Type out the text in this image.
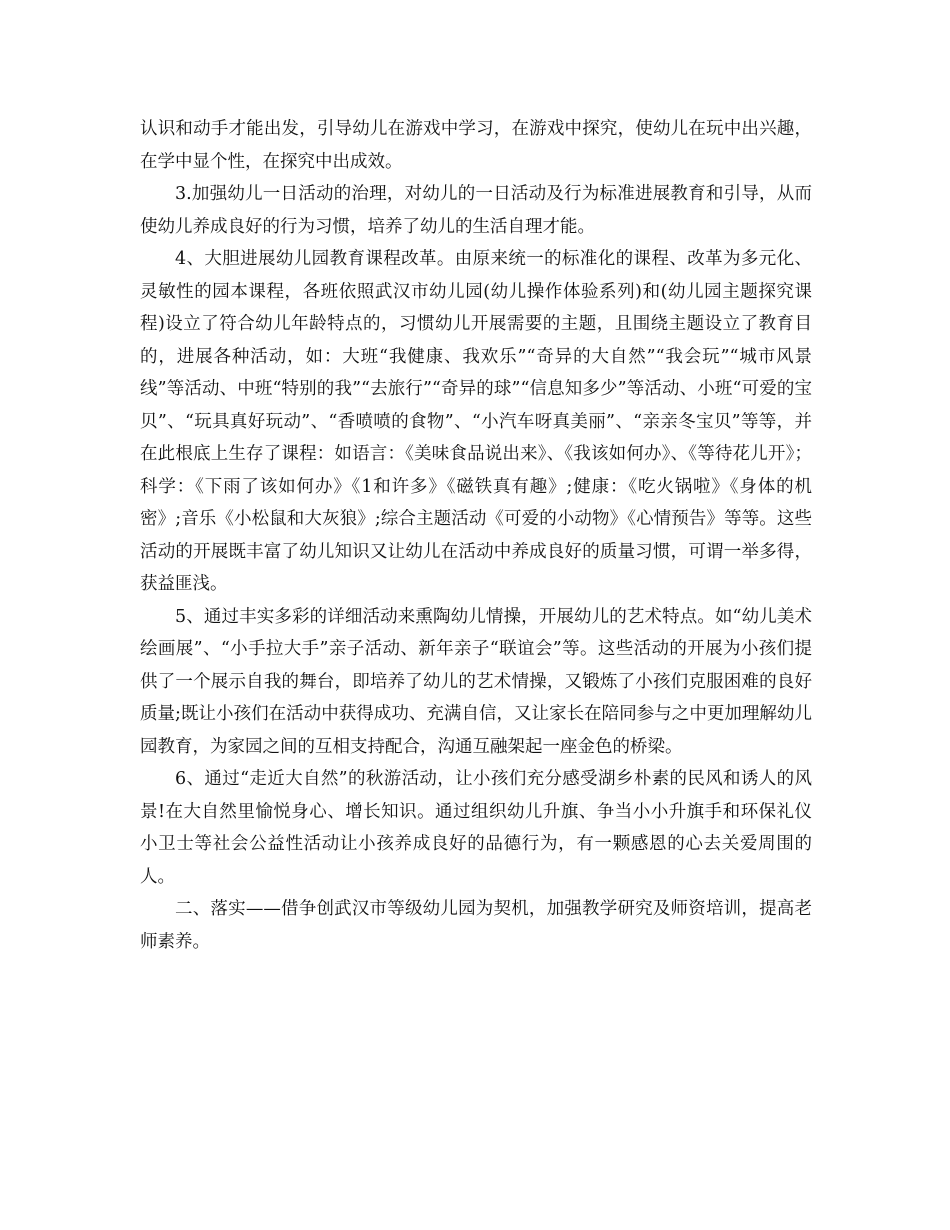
认识和动手才能出发，引导幼儿在游戏中学习，在游戏中探究，使幼儿在玩中出兴趣，在学中显个性，在探究中出成效。

3.加强幼儿一日活动的治理，对幼儿的一日活动及行为标准进展教育和引导，从而使幼儿养成良好的行为习惯，培养了幼儿的生活自理才能。

4、大胆进展幼儿园教育课程改革。由原来统一的标准化的课程、改革为多元化、灵敏性的园本课程，各班依照武汉市幼儿园(幼儿操作体验系列)和(幼儿园主题探究课程)设立了符合幼儿年龄特点的，习惯幼儿开展需要的主题，且围绕主题设立了教育目的，进展各种活动，如：大班“我健康、我欢乐”“奇异的大自然”“我会玩”“城市风景线”等活动、中班“特别的我”“去旅行”“奇异的球”“信息知多少”等活动、小班“可爱的宝贝”、“玩具真好玩动”、“香喷喷的食物”、“小汽车呀真美丽”、“亲亲冬宝贝”等等，并在此根底上生存了课程：如语言：《美味食品说出来》、《我该如何办》、《等待花儿开》；科学：《下雨了该如何办》《1和许多》《磁铁真有趣》;健康：《吃火锅啦》《身体的机密》;音乐《小松鼠和大灰狼》;综合主题活动《可爱的小动物》《心情预告》等等。这些活动的开展既丰富了幼儿知识又让幼儿在活动中养成良好的质量习惯，可谓一举多得，获益匪浅。

5、通过丰实多彩的详细活动来熏陶幼儿情操，开展幼儿的艺术特点。如“幼儿美术绘画展”、“小手拉大手”亲子活动、新年亲子“联谊会”等。这些活动的开展为小孩们提供了一个展示自我的舞台，即培养了幼儿的艺术情操，又锻炼了小孩们克服困难的良好质量;既让小孩们在活动中获得成功、充满自信，又让家长在陪同参与之中更加理解幼儿园教育，为家园之间的互相支持配合，沟通互融架起一座金色的桥梁。

6、通过“走近大自然”的秋游活动，让小孩们充分感受湖乡朴素的民风和诱人的风景!在大自然里愉悦身心、增长知识。通过组织幼儿升旗、争当小小升旗手和环保礼仪小卫士等社会公益性活动让小孩养成良好的品德行为，有一颗感恩的心去关爱周围的人。

二、落实——借争创武汉市等级幼儿园为契机，加强教学研究及师资培训，提高老师素养。
